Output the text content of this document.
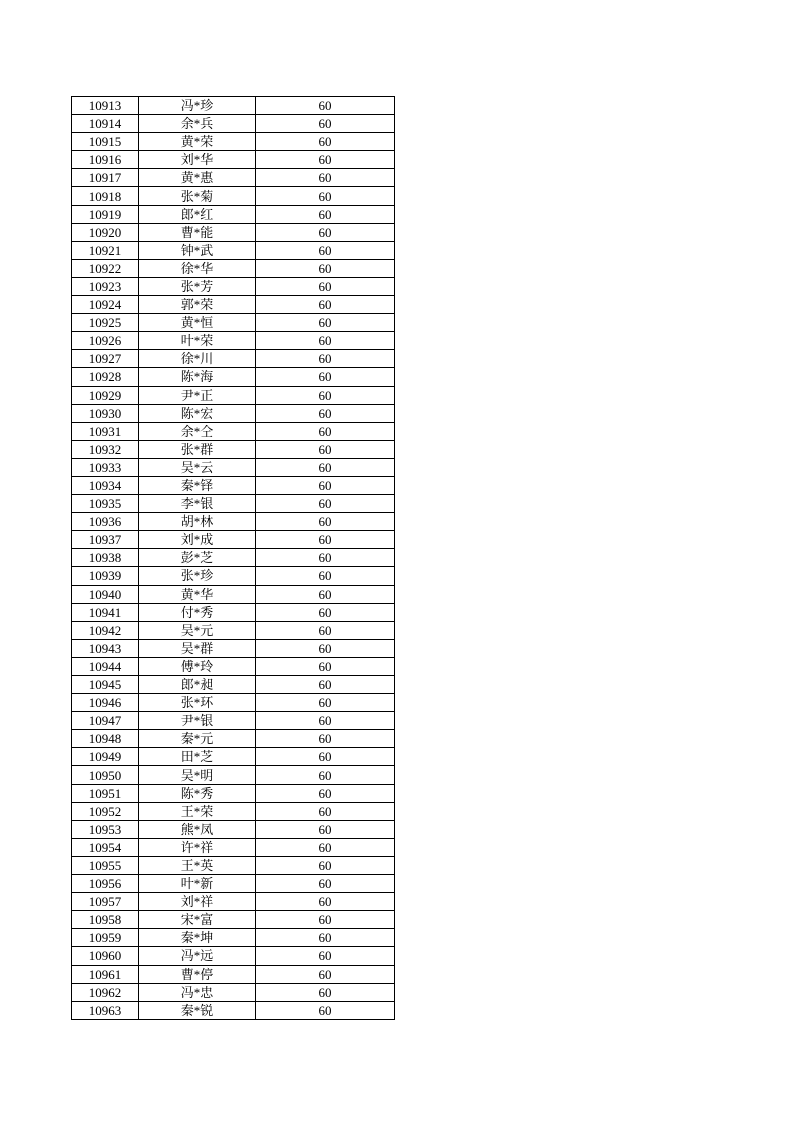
10913	冯*珍	60
10914	余*兵	60
10915	黄*荣	60
10916	刘*华	60
10917	黄*惠	60
10918	张*菊	60
10919	郎*红	60
10920	曹*能	60
10921	钟*武	60
10922	徐*华	60
10923	张*芳	60
10924	郭*荣	60
10925	黄*恒	60
10926	叶*荣	60
10927	徐*川	60
10928	陈*海	60
10929	尹*正	60
10930	陈*宏	60
10931	余*仝	60
10932	张*群	60
10933	吴*云	60
10934	秦*铎	60
10935	李*银	60
10936	胡*林	60
10937	刘*成	60
10938	彭*芝	60
10939	张*珍	60
10940	黄*华	60
10941	付*秀	60
10942	吴*元	60
10943	吴*群	60
10944	傅*玲	60
10945	郎*昶	60
10946	张*环	60
10947	尹*银	60
10948	秦*元	60
10949	田*芝	60
10950	吴*明	60
10951	陈*秀	60
10952	王*荣	60
10953	熊*凤	60
10954	许*祥	60
10955	王*英	60
10956	叶*新	60
10957	刘*祥	60
10958	宋*富	60
10959	秦*坤	60
10960	冯*远	60
10961	曹*停	60
10962	冯*忠	60
10963	秦*锐	60
